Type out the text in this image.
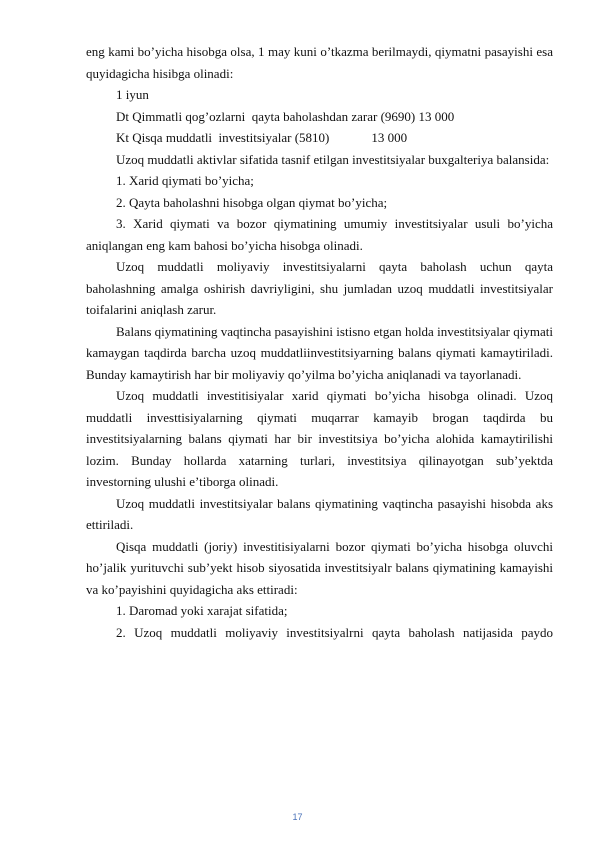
eng kami bo’yicha hisobga olsa, 1 may kuni o’tkazma berilmaydi, qiymatni pasayishi esa quyidagicha hisibga olinadi:

1 iyun

Dt Qimmatli qog’ozlarni  qayta baholashdan zarar (9690) 13 000

Kt Qisqa muddatli  investitsiyalar (5810)	13 000

Uzoq muddatli aktivlar sifatida tasnif etilgan investitsiyalar buxgalteriya balansida:

1. Xarid qiymati bo’yicha;

2. Qayta baholashni hisobga olgan qiymat bo’yicha;

3. Xarid qiymati va bozor qiymatining umumiy investitsiyalar usuli bo’yicha aniqlangan eng kam bahosi bo’yicha hisobga olinadi.

Uzoq muddatli moliyaviy investitsiyalarni qayta baholash uchun qayta baholashning amalga oshirish davriyligini, shu jumladan uzoq muddatli investitsiyalar toifalarini aniqlash zarur.

Balans qiymatining vaqtincha pasayishini istisno etgan holda investitsiyalar qiymati kamaygan taqdirda barcha uzoq muddatliinvestitsiyarning balans qiymati kamaytiriladi. Bunday kamaytirish har bir moliyaviy qo’yilma bo’yicha aniqlanadi va tayorlanadi.

Uzoq muddatli investitisiyalar xarid qiymati bo’yicha hisobga olinadi. Uzoq muddatli investtisiyalarning qiymati muqarrar kamayib brogan taqdirda bu investitsiyalarning balans qiymati har bir investitsiya bo’yicha alohida kamaytirilishi lozim. Bunday hollarda xatarning turlari, investitsiya qilinayotgan sub’yektda investorning ulushi e’tiborga olinadi.

Uzoq muddatli investitsiyalar balans qiymatining vaqtincha pasayishi hisobda aks ettiriladi.

Qisqa muddatli (joriy) investitisiyalarni bozor qiymati bo’yicha hisobga oluvchi ho’jalik yurituvchi sub’yekt hisob siyosatida investitsiyalr balans qiymatining kamayishi va ko’payishini quyidagicha aks ettiradi:

1. Daromad yoki xarajat sifatida;

2. Uzoq muddatli moliyaviy investitsiyalrni qayta baholash natijasida paydo

17
